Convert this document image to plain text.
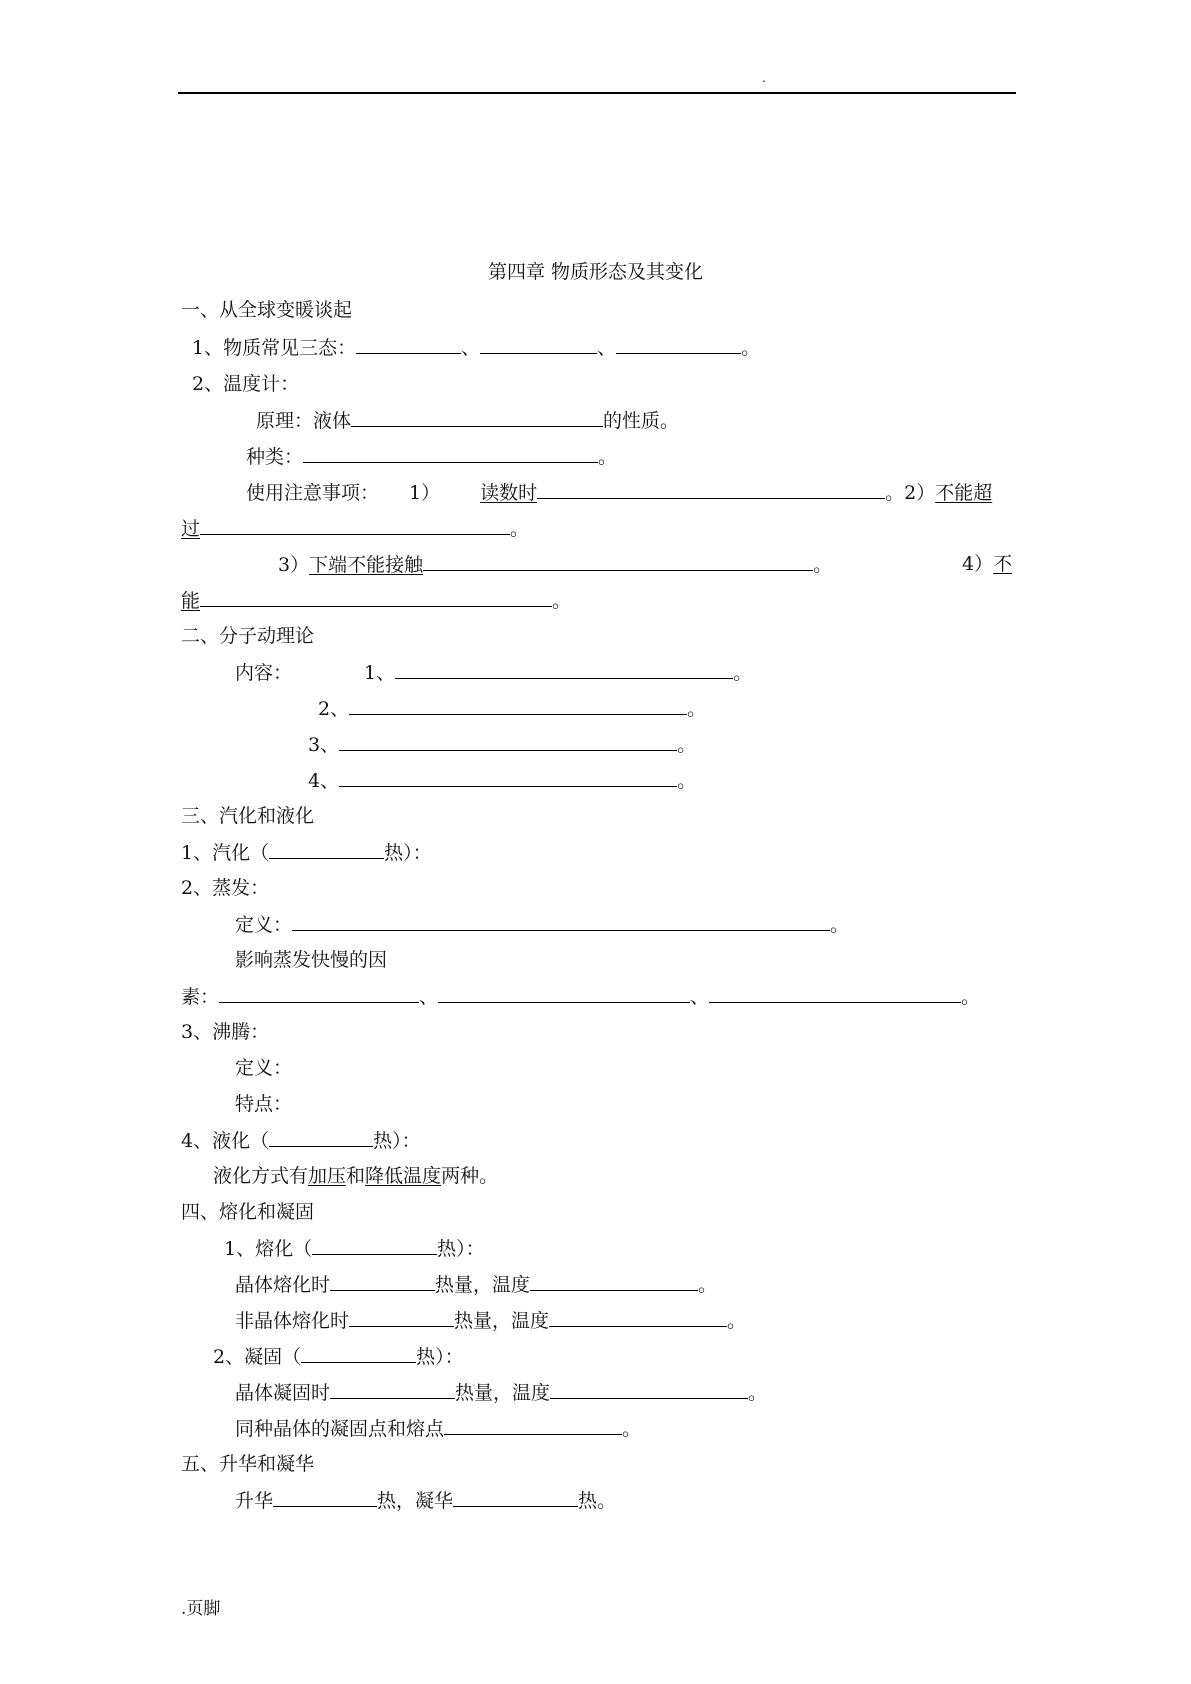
.
第四章 物质形态及其变化
一、从全球变暖谈起
1、物质常见三态：	、	、	。
2、温度计：
原理：液体	的性质。
种类：	。
使用注意事项： 1） 读数时	。2）不能超
过	。
3）下端不能接触	。	4）不
能	。
二、分子动理论
内容：	1、	。
2、	。
3、	。
4、	。
三、汽化和液化
1、汽化（	热）：
2、蒸发：
定义：	。
影响蒸发快慢的因
素：	、	、	。
3、沸腾：
定义：
特点：
4、液化（	热）：
液化方式有加压和降低温度两种。
四、熔化和凝固
1、熔化（	热）：
晶体熔化时	热量，温度	。
非晶体熔化时	热量，温度	。
2、凝固（	热）：
晶体凝固时	热量，温度	。
同种晶体的凝固点和熔点	。
五、升华和凝华
升华	热，凝华	热。
.页脚
